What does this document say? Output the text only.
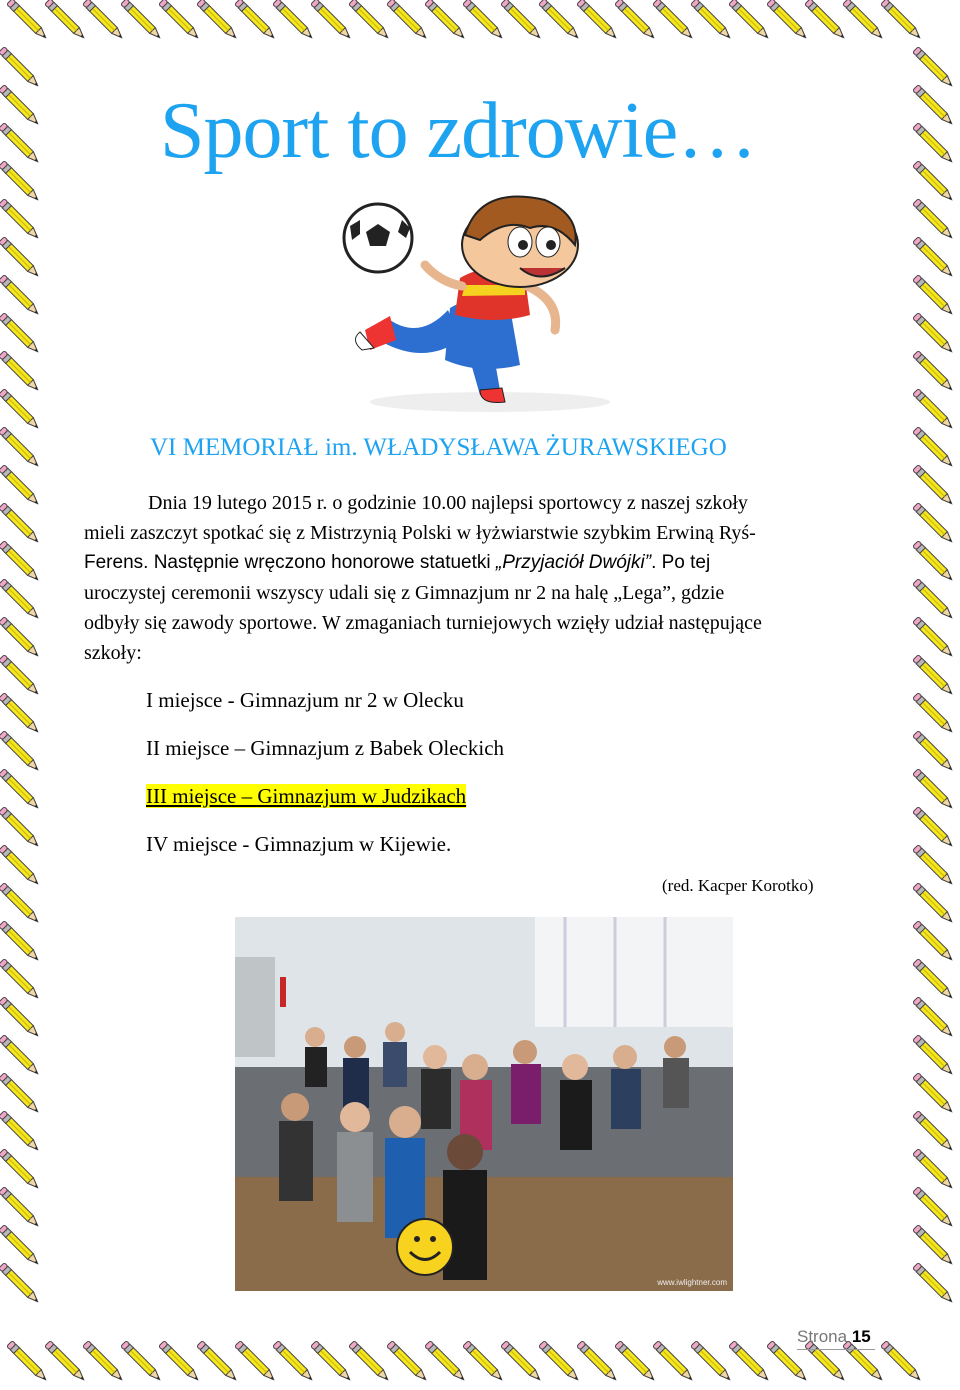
Sport to zdrowie…
VI MEMORIAŁ im. WŁADYSŁAWA ŻURAWSKIEGO
Dnia 19 lutego 2015 r. o godzinie 10.00 najlepsi sportowcy z naszej szkoły
mieli zaszczyt spotkać się z Mistrzynią Polski w łyżwiarstwie szybkim Erwiną Ryś-
Ferens. Następnie wręczono honorowe statuetki „Przyjaciół Dwójki”. Po tej
uroczystej ceremonii wszyscy udali się z Gimnazjum nr 2 na halę „Lega”, gdzie
odbyły się zawody sportowe. W zmaganiach turniejowych wzięły udział następujące
szkoły:
I miejsce - Gimnazjum nr 2 w Olecku
II miejsce – Gimnazjum z Babek Oleckich
III miejsce – Gimnazjum w Judzikach
IV miejsce - Gimnazjum w Kijewie.
(red. Kacper Korotko)
www.iwlightner.com
Strona 15
